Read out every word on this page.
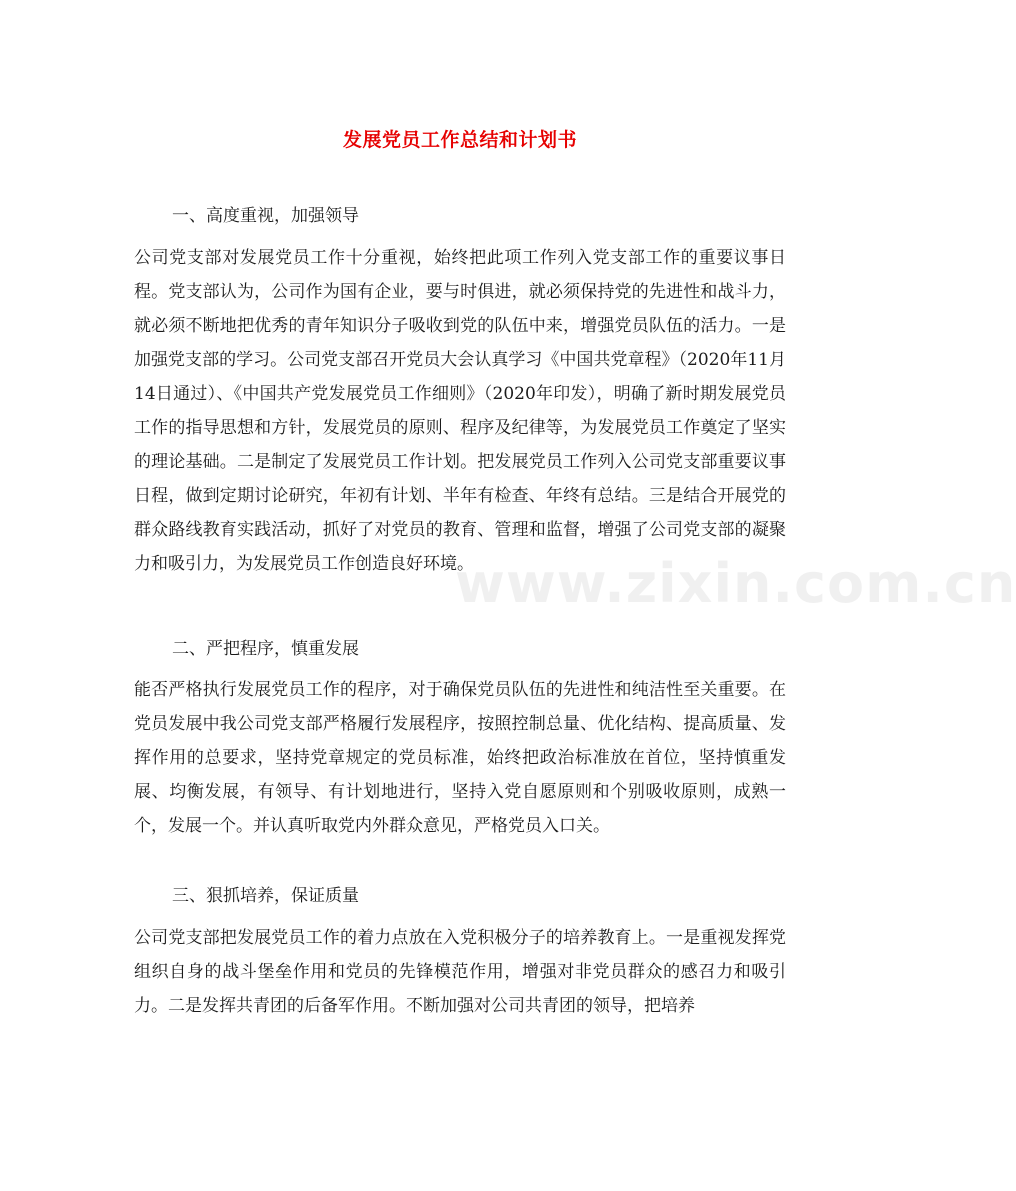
发展党员工作总结和计划书
一、高度重视，加强领导
公司党支部对发展党员工作十分重视，始终把此项工作列入党支部工作的重要议事日程。党支部认为，公司作为国有企业，要与时俱进，就必须保持党的先进性和战斗力，就必须不断地把优秀的青年知识分子吸收到党的队伍中来，增强党员队伍的活力。一是加强党支部的学习。公司党支部召开党员大会认真学习《中国共党章程》（2020年11月14日通过）、《中国共产党发展党员工作细则》（2020年印发），明确了新时期发展党员工作的指导思想和方针，发展党员的原则、程序及纪律等，为发展党员工作奠定了坚实的理论基础。二是制定了发展党员工作计划。把发展党员工作列入公司党支部重要议事日程，做到定期讨论研究，年初有计划、半年有检查、年终有总结。三是结合开展党的群众路线教育实践活动，抓好了对党员的教育、管理和监督，增强了公司党支部的凝聚力和吸引力，为发展党员工作创造良好环境。
二、严把程序，慎重发展
能否严格执行发展党员工作的程序，对于确保党员队伍的先进性和纯洁性至关重要。在党员发展中我公司党支部严格履行发展程序，按照控制总量、优化结构、提高质量、发挥作用的总要求，坚持党章规定的党员标准，始终把政治标准放在首位，坚持慎重发展、均衡发展，有领导、有计划地进行，坚持入党自愿原则和个别吸收原则，成熟一个，发展一个。并认真听取党内外群众意见，严格党员入口关。
三、狠抓培养，保证质量
公司党支部把发展党员工作的着力点放在入党积极分子的培养教育上。一是重视发挥党组织自身的战斗堡垒作用和党员的先锋模范作用，增强对非党员群众的感召力和吸引力。二是发挥共青团的后备军作用。不断加强对公司共青团的领导，把培养
www.zixin.com.cn
